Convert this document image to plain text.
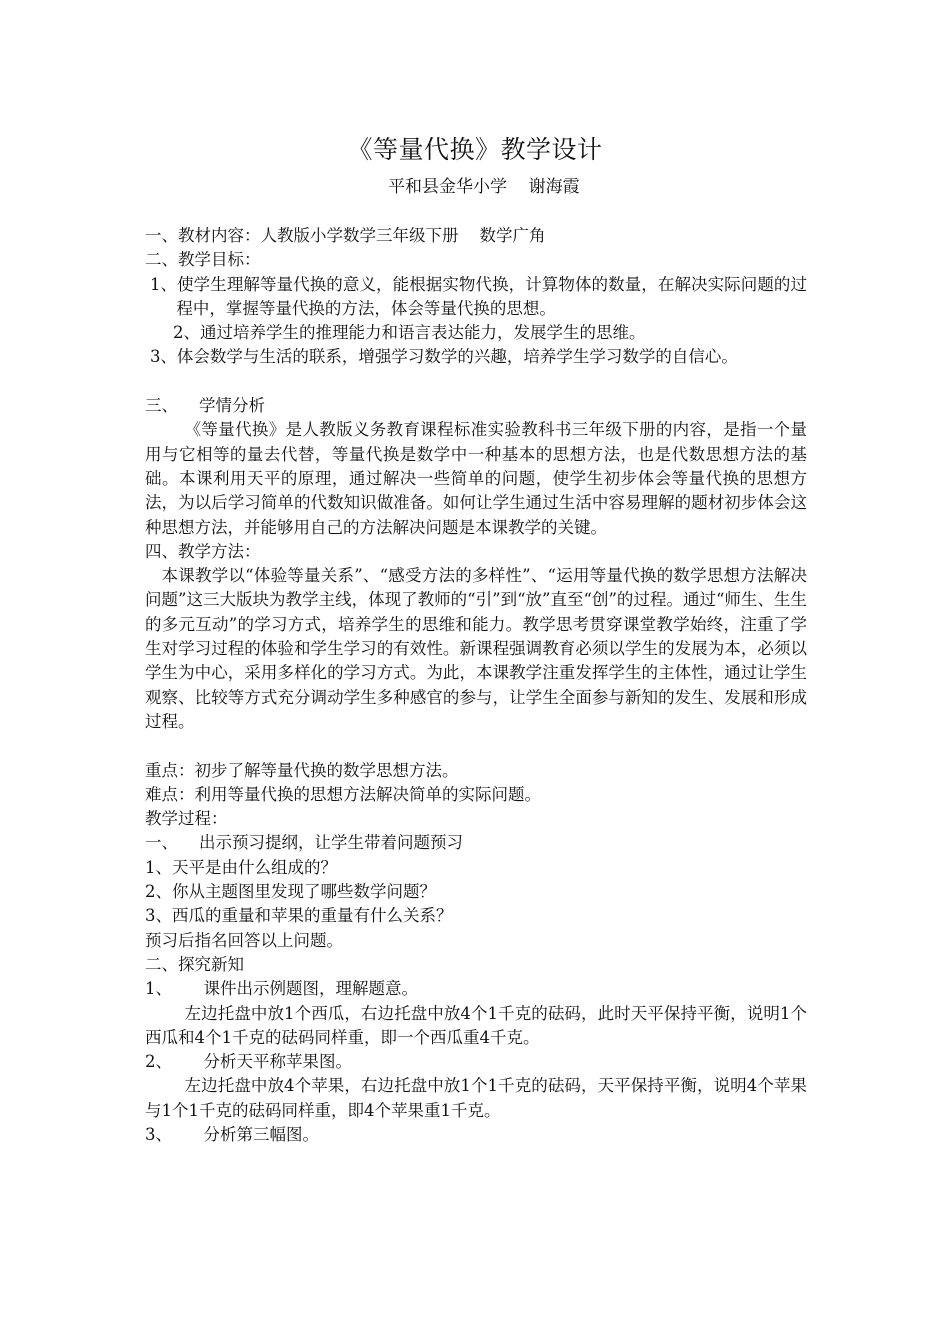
《等量代换》教学设计
平和县金华小学    谢海霞

一、教材内容：人教版小学数学三年级下册    数学广角

二、教学目标：

1、使学生理解等量代换的意义，能根据实物代换，计算物体的数量，在解决实际问题的过程中，掌握等量代换的方法，体会等量代换的思想。

2、通过培养学生的推理能力和语言表达能力，发展学生的思维。

3、体会数学与生活的联系，增强学习数学的兴趣，培养学生学习数学的自信心。

三、    学情分析

《等量代换》是人教版义务教育课程标准实验教科书三年级下册的内容，是指一个量用与它相等的量去代替，等量代换是数学中一种基本的思想方法，也是代数思想方法的基础。本课利用天平的原理，通过解决一些简单的问题，使学生初步体会等量代换的思想方法，为以后学习简单的代数知识做准备。如何让学生通过生活中容易理解的题材初步体会这种思想方法，并能够用自己的方法解决问题是本课教学的关键。

四、教学方法：

本课教学以“体验等量关系”、“感受方法的多样性”、“运用等量代换的数学思想方法解决问题”这三大版块为教学主线，体现了教师的“引”到“放”直至“创”的过程。通过“师生、生生的多元互动”的学习方式，培养学生的思维和能力。教学思考贯穿课堂教学始终，注重了学生对学习过程的体验和学生学习的有效性。新课程强调教育必须以学生的发展为本，必须以学生为中心，采用多样化的学习方式。为此，本课教学注重发挥学生的主体性，通过让学生观察、比较等方式充分调动学生多种感官的参与，让学生全面参与新知的发生、发展和形成过程。

重点：初步了解等量代换的数学思想方法。

难点：利用等量代换的思想方法解决简单的实际问题。

教学过程：

一、    出示预习提纲，让学生带着问题预习

1、天平是由什么组成的？

2、你从主题图里发现了哪些数学问题？

3、西瓜的重量和苹果的重量有什么关系？

预习后指名回答以上问题。

二、探究新知

1、      课件出示例题图，理解题意。

左边托盘中放1个西瓜，右边托盘中放4个1千克的砝码，此时天平保持平衡，说明1个西瓜和4个1千克的砝码同样重，即一个西瓜重4千克。

2、      分析天平称苹果图。

左边托盘中放4个苹果，右边托盘中放1个1千克的砝码，天平保持平衡，说明4个苹果与1个1千克的砝码同样重，即4个苹果重1千克。

3、      分析第三幅图。
